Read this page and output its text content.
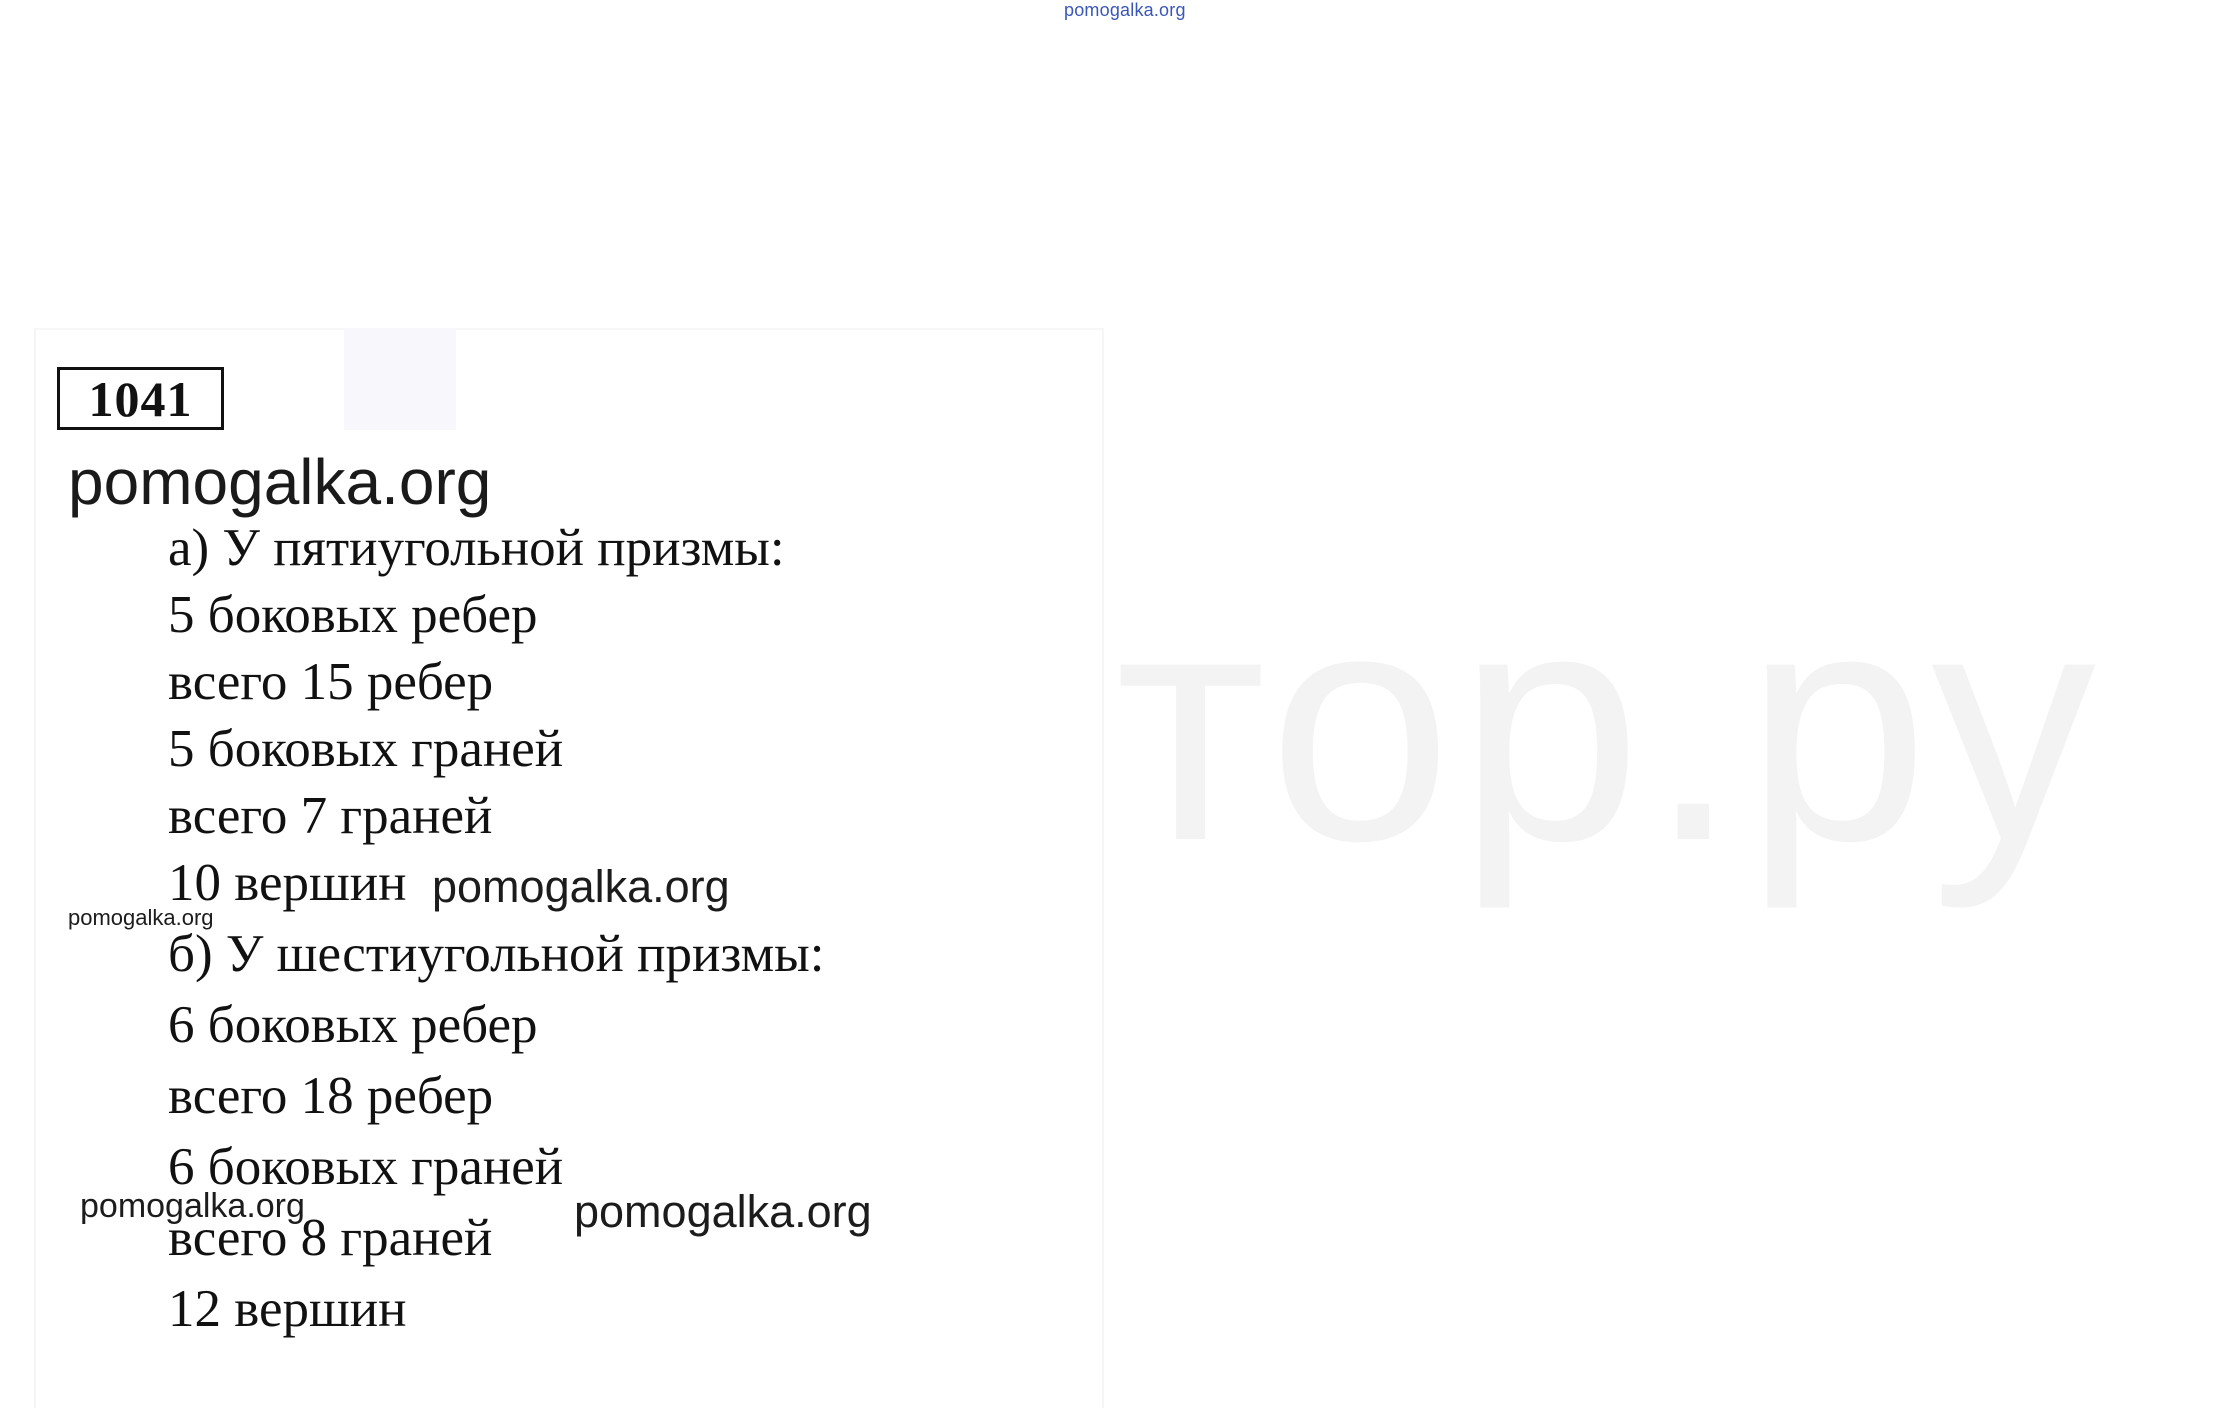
pomogalka.org
тор.ру
1041
pomogalka.org
а) У пятиугольной призмы:
5 боковых ребер
всего 15 ребер
5 боковых граней
всего 7 граней
10 вершин
б) У шестиугольной призмы:
6 боковых ребер
всего 18 ребер
6 боковых граней
всего 8 граней
12 вершин
pomogalka.org
pomogalka.org
pomogalka.org	pomogalka.org
